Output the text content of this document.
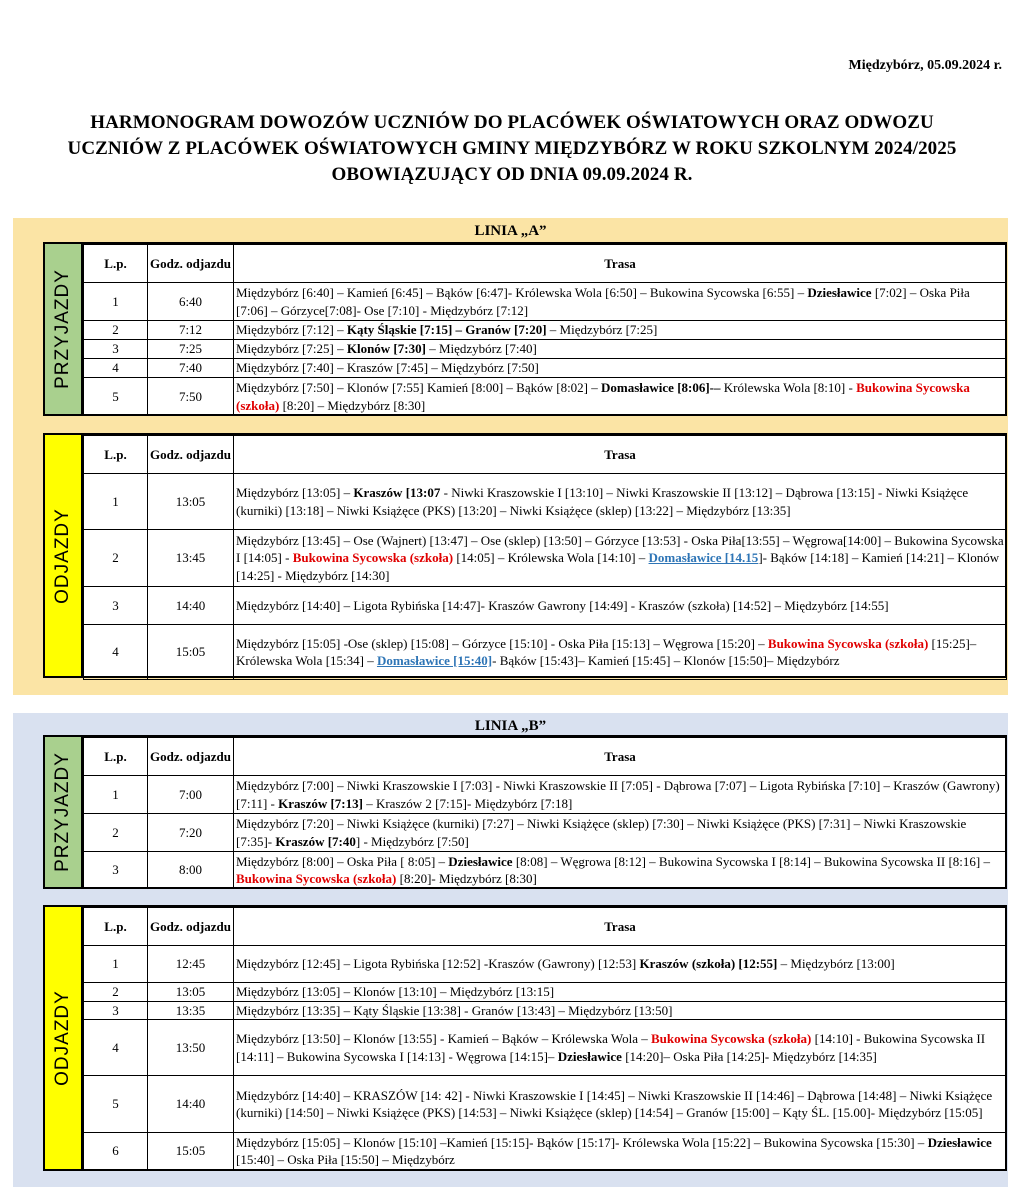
Międzybórz, 05.09.2024 r.
HARMONOGRAM DOWOZÓW UCZNIÓW DO PLACÓWEK OŚWIATOWYCH ORAZ ODWOZU
UCZNIÓW Z PLACÓWEK OŚWIATOWYCH GMINY MIĘDZYBÓRZ W ROKU SZKOLNYM 2024/2025
OBOWIĄZUJĄCY OD DNIA 09.09.2024 R.
LINIA „A”
PRZYJAZDY
L.p.	Godz. odjazdu	Trasa
1	6:40	Międzybórz [6:40] – Kamień [6:45] – Bąków [6:47]- Królewska Wola [6:50] – Bukowina Sycowska [6:55] – Dziesławice [7:02] – Oska Piła [7:06] – Górzyce[7:08]- Ose [7:10] - Międzybórz [7:12]
2	7:12	Międzybórz [7:12] – Kąty Śląskie [7:15] – Granów [7:20] – Międzybórz [7:25]
3	7:25	Międzybórz [7:25] – Klonów [7:30] – Międzybórz [7:40]
4	7:40	Międzybórz [7:40] – Kraszów [7:45] – Międzybórz [7:50]
5	7:50	Międzybórz [7:50] – Klonów [7:55] Kamień [8:00] – Bąków [8:02] – Domasławice [8:06]-– Królewska Wola [8:10] - Bukowina Sycowska (szkoła) [8:20] – Międzybórz [8:30]
ODJAZDY
L.p.	Godz. odjazdu	Trasa
1	13:05	Międzybórz [13:05] – Kraszów [13:07 - Niwki Kraszowskie I [13:10] – Niwki Kraszowskie II [13:12] – Dąbrowa [13:15] - Niwki Książęce (kurniki) [13:18] – Niwki Książęce (PKS) [13:20] – Niwki Książęce (sklep) [13:22] – Międzybórz [13:35]
2	13:45	Międzybórz [13:45] – Ose (Wajnert) [13:47] – Ose (sklep) [13:50] – Górzyce [13:53] - Oska Piła[13:55] – Węgrowa[14:00] – Bukowina Sycowska I [14:05] - Bukowina Sycowska (szkoła) [14:05] – Królewska Wola [14:10] – Domasławice [14.15]- Bąków [14:18] – Kamień [14:21] – Klonów [14:25] - Międzybórz [14:30]
3	14:40	Międzybórz [14:40] – Ligota Rybińska [14:47]- Kraszów Gawrony [14:49] - Kraszów (szkoła) [14:52] – Międzybórz [14:55]
4	15:05	Międzybórz [15:05] -Ose (sklep) [15:08] – Górzyce [15:10] - Oska Piła [15:13] – Węgrowa [15:20] – Bukowina Sycowska (szkoła) [15:25]– Królewska Wola [15:34] – Domasławice [15:40]- Bąków [15:43]– Kamień [15:45] – Klonów [15:50]– Międzybórz
LINIA „B”
PRZYJAZDY L.p.	Godz. odjazdu	Trasa
1	7:00	Międzybórz [7:00] – Niwki Kraszowskie I [7:03] - Niwki Kraszowskie II [7:05] - Dąbrowa [7:07] – Ligota Rybińska [7:10] – Kraszów (Gawrony) [7:11] - Kraszów [7:13] – Kraszów 2 [7:15]- Międzybórz [7:18]
2	7:20	Międzybórz [7:20] – Niwki Książęce (kurniki) [7:27] – Niwki Książęce (sklep) [7:30] – Niwki Książęce (PKS) [7:31] – Niwki Kraszowskie [7:35]- Kraszów [7:40] - Międzybórz [7:50]
3	8:00	Międzybórz [8:00] – Oska Piła [ 8:05] – Dziesławice [8:08] – Węgrowa [8:12] – Bukowina Sycowska I [8:14] – Bukowina Sycowska II [8:16] – Bukowina Sycowska (szkoła) [8:20]- Międzybórz [8:30]
ODJAZDY
L.p.	Godz. odjazdu	Trasa
1	12:45	Międzybórz [12:45] – Ligota Rybińska [12:52] -Kraszów (Gawrony) [12:53] Kraszów (szkoła) [12:55] – Międzybórz [13:00]
2	13:05	Międzybórz [13:05] – Klonów [13:10] – Międzybórz [13:15]
3	13:35	Międzybórz [13:35] – Kąty Śląskie [13:38] - Granów [13:43] – Międzybórz [13:50]
4	13:50	Międzybórz [13:50] – Klonów [13:55] - Kamień – Bąków – Królewska Wola – Bukowina Sycowska (szkoła) [14:10] - Bukowina Sycowska II [14:11] – Bukowina Sycowska I [14:13] - Węgrowa [14:15]– Dziesławice [14:20]– Oska Piła [14:25]- Międzybórz [14:35]
5	14:40	Międzybórz [14:40] – KRASZÓW [14: 42] - Niwki Kraszowskie I [14:45] – Niwki Kraszowskie II [14:46] – Dąbrowa [14:48] – Niwki Książęce (kurniki) [14:50] – Niwki Książęce (PKS) [14:53] – Niwki Książęce (sklep) [14:54] – Granów [15:00] – Kąty ŚL. [15.00]- Międzybórz [15:05]
6	15:05	Międzybórz [15:05] – Klonów [15:10] –Kamień [15:15]- Bąków [15:17]- Królewska Wola [15:22] – Bukowina Sycowska [15:30] – Dziesławice [15:40] – Oska Piła [15:50] – Międzybórz
